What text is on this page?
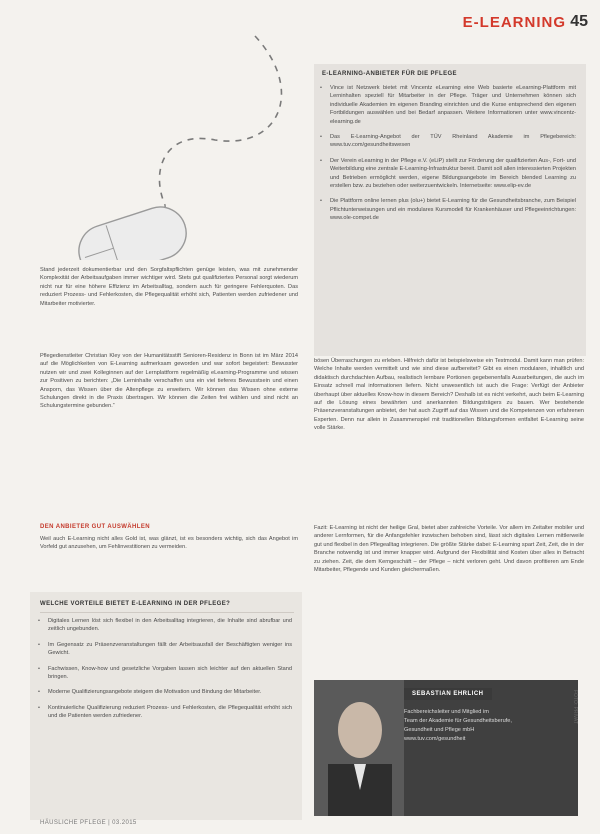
E-LEARNING 45
E-LEARNING-ANBIETER FÜR DIE PFLEGE
• Vince ist Netzwerk bietet mit Vincentz eLearning eine Web basierte eLearning-Plattform mit Lerninhalten speziell für Mitarbeiter in der Pflege. Träger und Unternehmen können sich individuelle Akademien im eigenen Branding einrichten und die Kurse entsprechend den eigenen Fortbildungen auswählen und bei Bedarf anpassen. Weitere Informationen unter www.vincentz-elearning.de
• Das E-Learning-Angebot der TÜV Rheinland Akademie im Pflegebereich: www.tuv.com/gesundheitswesen
• Der Verein eLearning in der Pflege e.V. (eLiP) stellt zur Förderung der qualifizierten Aus-, Fort- und Weiterbildung eine zentrale E-Learning-Infrastruktur bereit. Damit soll allen interessierten Projekten und Betrieben ermöglicht werden, eigene Bildungsangebote im Bereich blended Learning zu erstellen bzw. zu beziehen oder weiterzuentwickeln. Internetseite: www.elip-ev.de
• Die Plattform online lernen plus (olu+) bietet E-Learning für die Gesundheitsbranche, zum Beispiel Pflichtunterweisungen und ein modulares Kursmodell für Krankenhäuser und Pflegeeinrichtungen: www.ole-compet.de
Stand jederzeit dokumentierbar und den Sorgfaltspflichten genüge leisten, was mit zunehmender Komplexität der Arbeitsaufgaben immer wichtiger wird. Stets gut qualifiziertes Personal sorgt wiederum nicht nur für eine höhere Effizienz im Arbeitsalltag, sondern auch für geringere Fehlerquoten. Das reduziert Prozess- und Fehlerkosten, die Pflegequalität erhöht sich, Patienten werden zufriedener und Mitarbeiter motivierter.
Pflegedienstleiter Christian Kley von der Humanitätsstift Senioren-Residenz in Bonn ist im März 2014 auf die Möglichkeiten von E-Learning aufmerksam geworden und war sofort begeistert: Bewusster nutzen wir und zwei Kolleginnen auf der Lernplattform regelmäßig eLearning-Programme und wissen zur Positiven zu berichten: „Die Lerninhalte verschaffen uns ein viel tieferes Bewusstsein und einen Ansporn, das Wissen über die Altenpflege zu erweitern. Wir können das Wissen ohne externe Schulungen direkt in die Praxis übertragen. Wir können die Zeiten frei wählen und sind nicht an Schulungstermine gebunden.“
DEN ANBIETER GUT AUSWÄHLEN
Weil auch E-Learning nicht alles Gold ist, was glänzt, ist es besonders wichtig, sich das Angebot im Vorfeld gut anzusehen, um Fehlinvestitionen zu vermeiden.
bösen Überraschungen zu erleben. Hilfreich dafür ist beispielsweise ein Testmodul. Damit kann man prüfen: Welche Inhalte werden vermittelt und wie sind diese aufbereitet? Gibt es einen modularen, inhaltlich und didaktisch durchdachten Aufbau, realistisch lernbare Portionen gegebenenfalls Ausarbeitungen, die auch im Einsatz schnell mal informationen liefern. Nicht unwesentlich ist auch die Frage: Verfügt der Anbieter überhaupt über aktuelles Know-how in diesem Bereich? Deshalb ist es nicht verkehrt, auch beim E-Learning auf die Lösung eines bewährten und anerkannten Bildungsträgers zu bauen. Wer bestehende Präsenzveranstaltungen anbietet, der hat auch Zugriff auf das Wissen und die Kompetenzen von erfahrenen Experten. Denn nur allein in Zusammenspiel mit traditionellen Bildungsformen entfaltet E-Learning seine volle Stärke.
Fazit: E-Learning ist nicht der heilige Gral, bietet aber zahlreiche Vorteile. Vor allem im Zeitalter mobiler und anderer Lernformen, für die Anfangsfehler inzwischen behoben sind, lässt sich digitales Lernen mittlerweile gut und flexibel in den Pflegealltag integrieren. Die größte Stärke dabei: E-Learning spart Zeit, Zeit, die in der Branche notwendig ist und immer knapper wird. Aufgrund der Flexibilität sind Kosten über alles in Betracht zu ziehen. Zeit, die dem Kerngeschäft – der Pflege – nicht verloren geht. Und davon profitieren am Ende Mitarbeiter, Pflegende und Kunden gleichermaßen.
WELCHE VORTEILE BIETET E-LEARNING IN DER PFLEGE?
• Digitales Lernen löst sich flexibel in den Arbeitsalltag integrieren, die Inhalte sind abrufbar und zeitlich ungebunden.
• Im Gegensatz zu Präsenzveranstaltungen fällt der Arbeitsausfall der Beschäftigten weniger ins Gewicht.
• Fachwissen, Know-how und gesetzliche Vorgaben lassen sich leichter auf den aktuellen Stand bringen.
• Moderne Qualifizierungsangebote steigern die Motivation und Bindung der Mitarbeiter.
• Kontinuierliche Qualifizierung reduziert Prozess- und Fehlerkosten, die Pflegequalität erhöht sich und die Patienten werden zufriedener.
SEBASTIAN EHRLICH
Fachbereichsleiter und Mitglied im
Team der Akademie für Gesundheitsberufe,
Gesundheit und Pflege mbH
www.tuv.com/gesundheit
FOTO: PRIVAT
HÄUSLICHE PFLEGE | 03.2015
